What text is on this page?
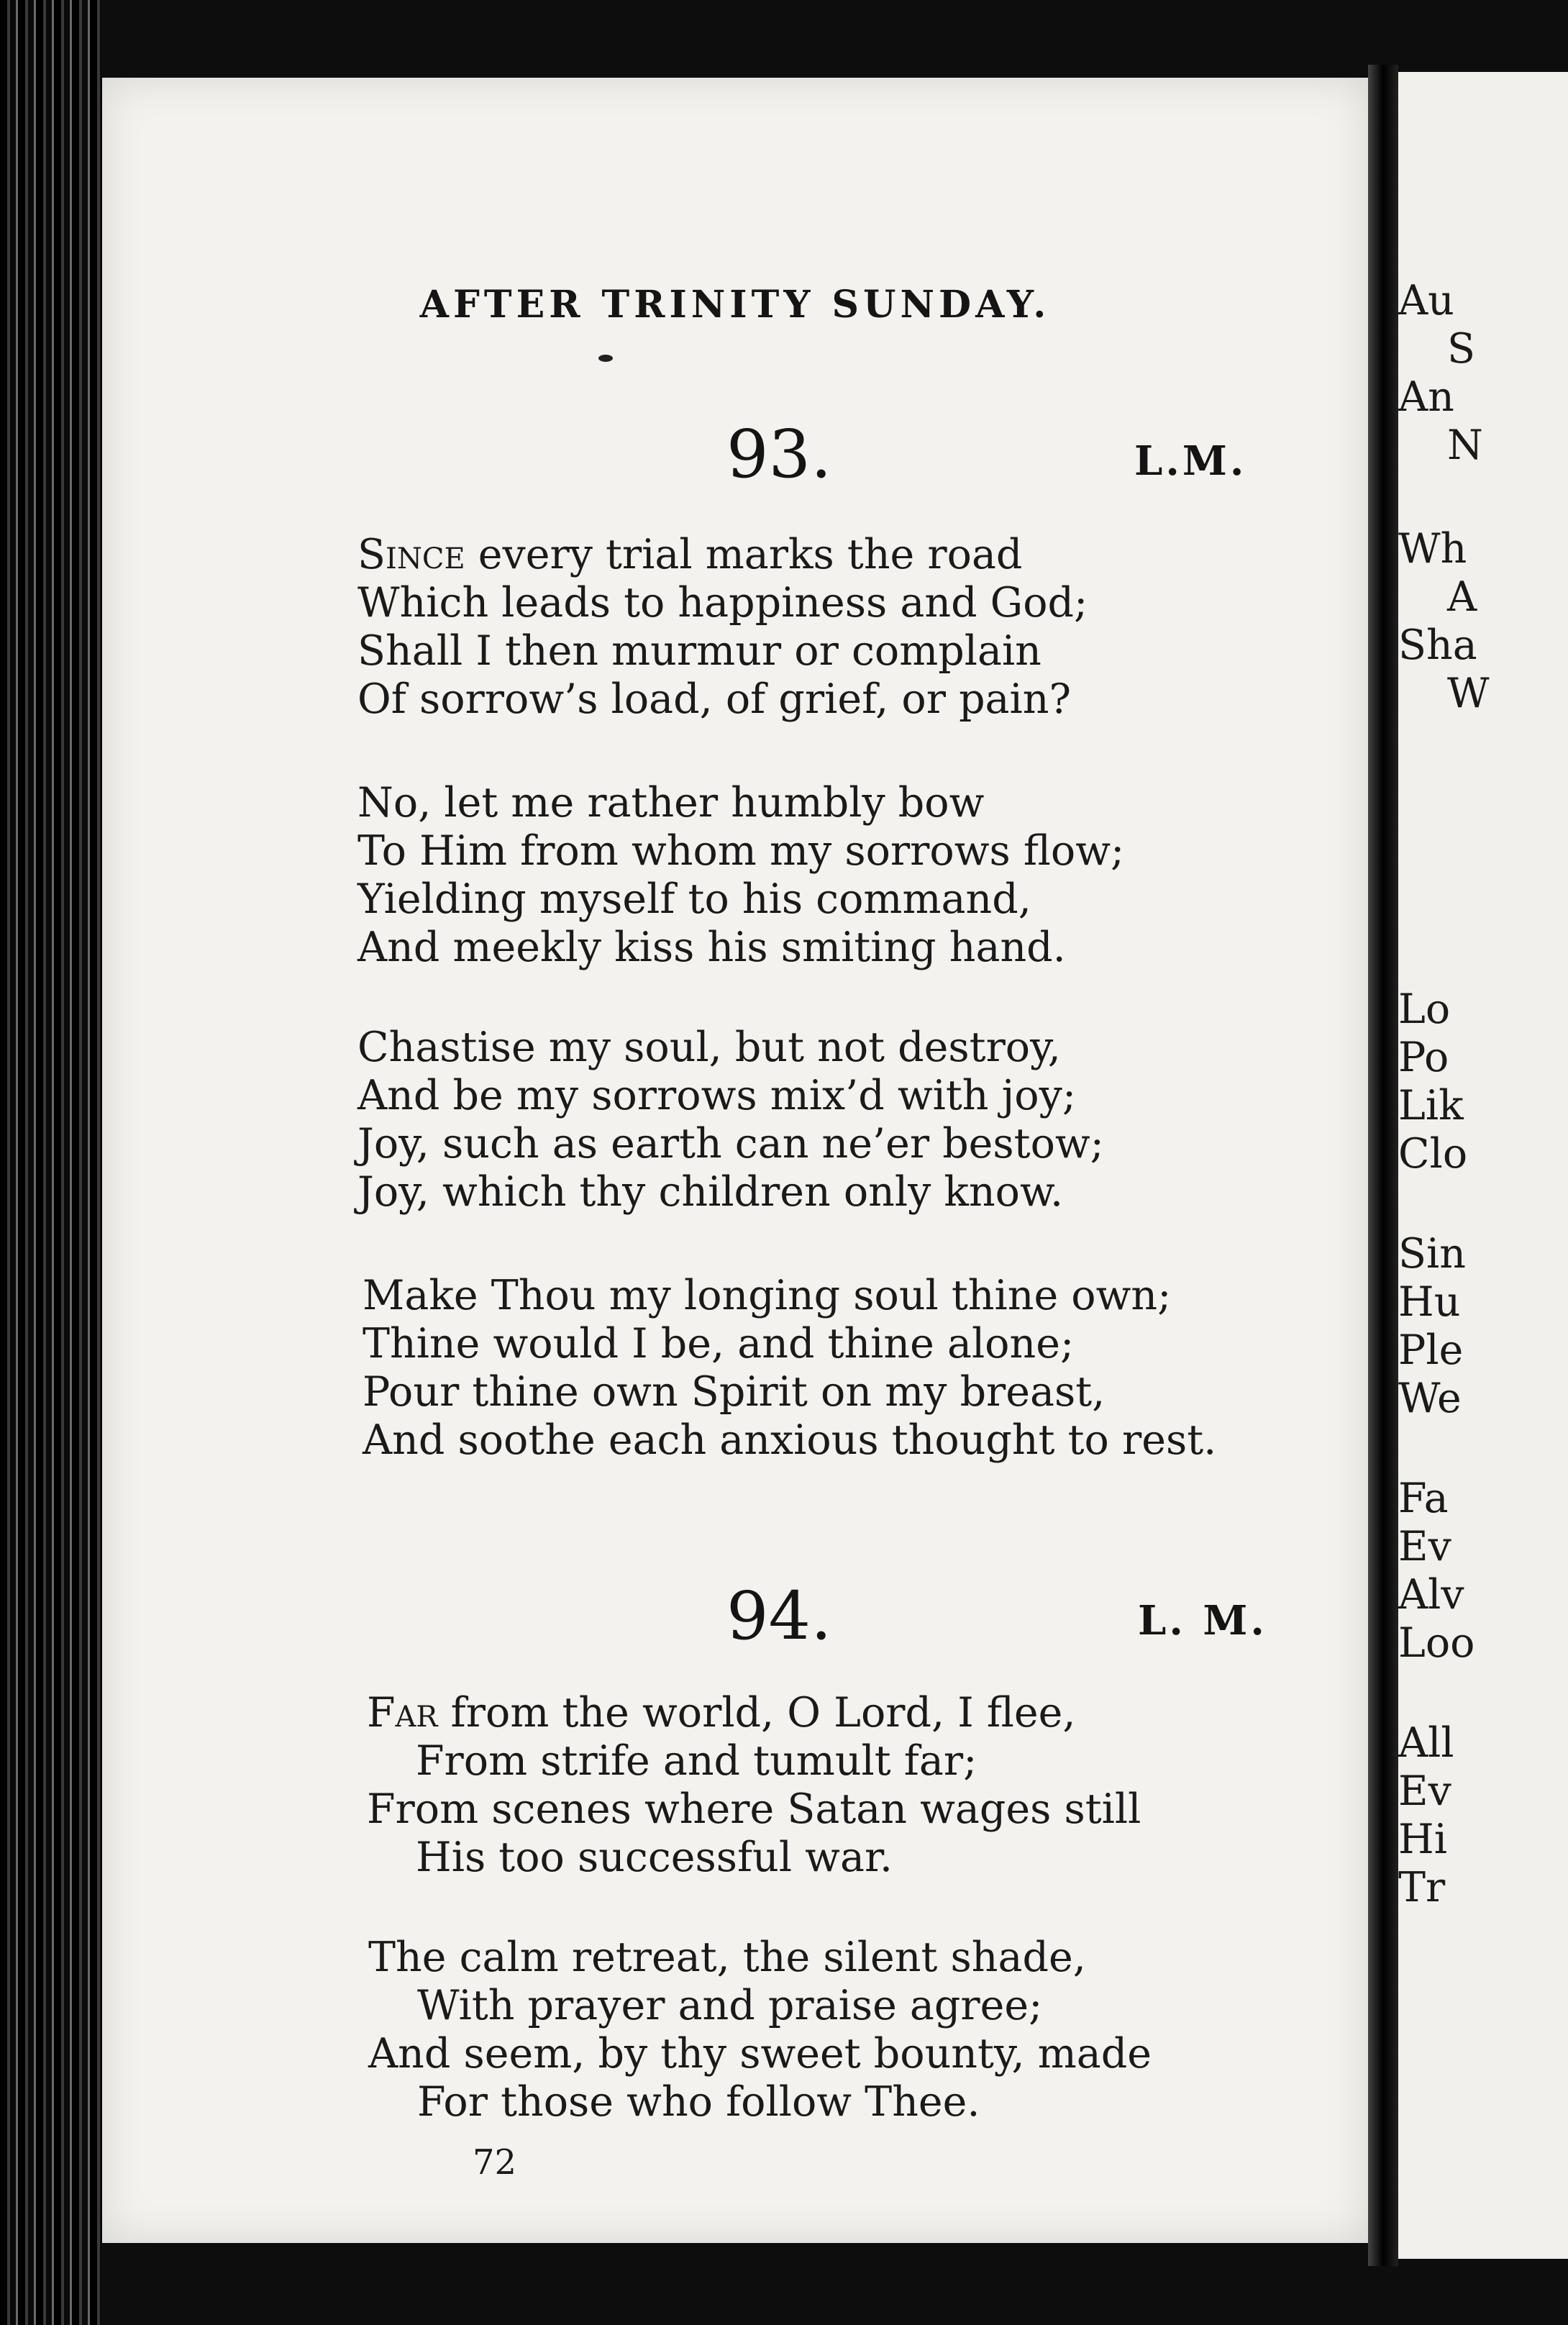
AFTER TRINITY SUNDAY.
93.	L.M.
Since every trial marks the road
Which leads to happiness and God;
Shall I then murmur or complain
Of sorrow’s load, of grief, or pain?
No, let me rather humbly bow
To Him from whom my sorrows flow;
Yielding myself to his command,
And meekly kiss his smiting hand.
Chastise my soul, but not destroy,
And be my sorrows mix’d with joy;
Joy, such as earth can ne’er bestow;
Joy, which thy children only know.
Make Thou my longing soul thine own;
Thine would I be, and thine alone;
Pour thine own Spirit on my breast,
And soothe each anxious thought to rest.
94.	L. M.
Far from the world, O Lord, I flee,
From strife and tumult far;
From scenes where Satan wages still
His too successful war.
The calm retreat, the silent shade,
With prayer and praise agree;
And seem, by thy sweet bounty, made
For those who follow Thee.
72
Au
S
An
N
Wh
A
Sha
W
Lo
Po
Lik
Clo
Sin
Hu
Ple
We
Fa
Ev
Alv
Loo
All
Ev
Hi
Tr
